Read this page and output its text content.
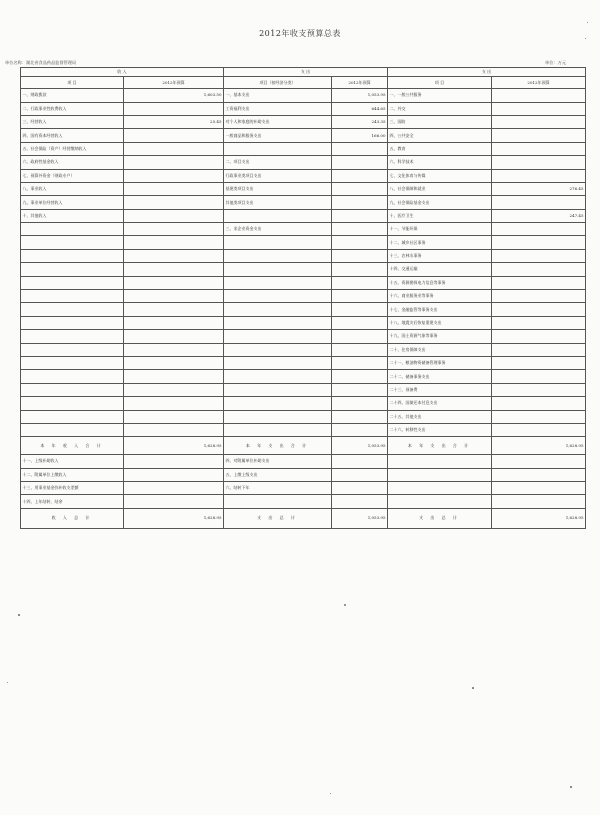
2012年收支预算总表
单位名称：湖北省食品药品监督管理局	单位：万元
收 入		支 出		支 出	
项 目	2012年预算	项目（按经济分类）	2012年预算	项 目	2012年预算
一、财政拨款	1,603.50	一、基本支出	1,053.95	一、一般公共服务	
二、行政事业性收费收入		工资福利支出	644.65	二、外交	
三、经营收入	25.45	对个人和家庭的补助支出	243.35	三、国防	
四、国有资本经营收入		一般商品和服务支出	166.00	四、公共安全	
五、社会保险（资产）经营缴纳收入				五、教育	
六、政府性基金收入		二、项目支出		六、科学技术	
七、预算外资金（财政专户）		行政事业类项目支出		七、文化体育与传媒	
八、事业收入		基建类项目支出		八、社会保障和就业	276.45
九、事业单位经营收入		其他类项目支出		九、社会保险基金支出	
十、其他收入				十、医疗卫生	247.45
		三、非企业资金支出		十一、节能环保	
				十二、城乡社区事务	
				十三、农林水事务	
				十四、交通运输	
				十五、资源勘探电力信息等事务	
				十六、商业服务业等事务	
				十七、金融监管等事务支出	
				十八、地震灾后恢复重建支出	
				十九、国土资源气象等事务	
				二十、住房保障支出	
				二十一、粮油物资储备管理事务	
				二十二、储备事务支出	
				二十三、预备费	
				二十四、国债还本付息支出	
				二十五、其他支出	
				二十六、转移性支出	
本 年 收 入 合 计	1,628.95	本 年 支 出 合 计	1,053.95	本 年 支 出 合 计	1,628.95
十一、上级补助收入		四、对附属单位补助支出			
十二、附属单位上缴收入		五、上缴上级支出			
十三、用事业基金弥补收支差额		六、结转下年			
十四、上年结转、结余					
收 入 总 计	1,628.95	支 出 总 计	1,053.95	支 出 总 计	1,628.95
